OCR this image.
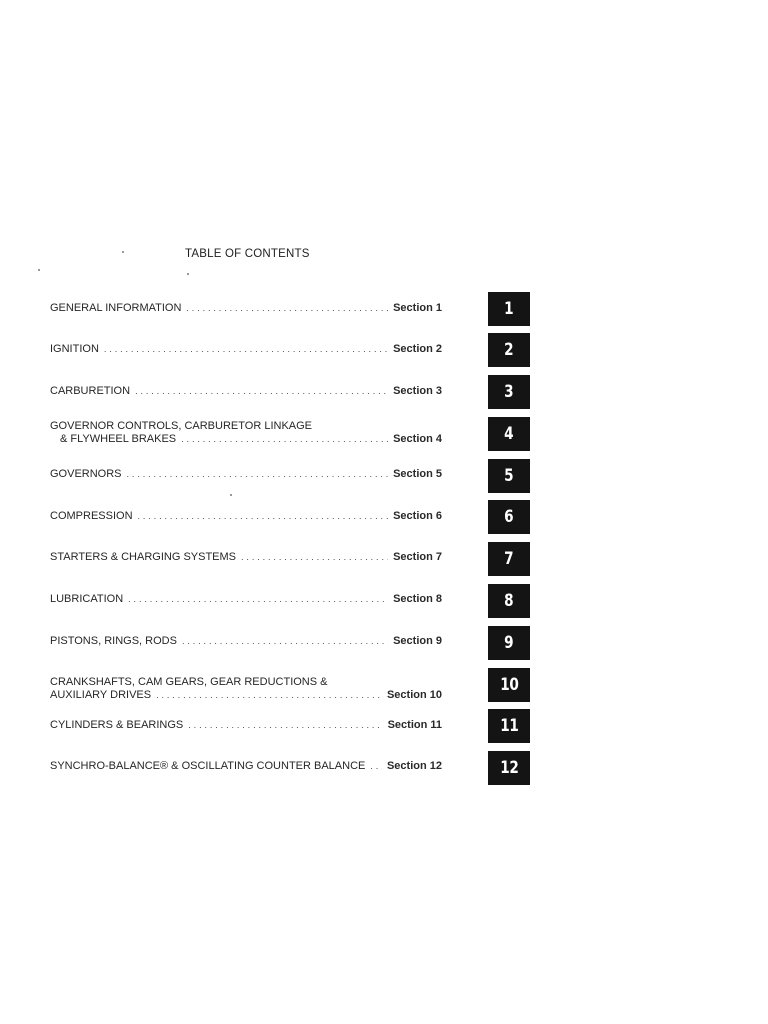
TABLE OF CONTENTS
GENERAL INFORMATION . . .	Section 1	1
IGNITION . . .	Section 2	2
CARBURETION . . .	Section 3	3
GOVERNOR CONTROLS, CARBURETOR LINKAGE
& FLYWHEEL BRAKES . . .	Section 4	4
GOVERNORS . . .	Section 5	5
COMPRESSION . . .	Section 6	6
STARTERS & CHARGING SYSTEMS . . .	Section 7	7
LUBRICATION . . .	Section 8	8
PISTONS, RINGS, RODS . . .	Section 9	9
CRANKSHAFTS, CAM GEARS, GEAR REDUCTIONS &
AUXILIARY DRIVES . . .	Section 10	10
CYLINDERS & BEARINGS . . .	Section 11	11
SYNCHRO-BALANCE® & OSCILLATING COUNTER BALANCE . . . Section 12	12
